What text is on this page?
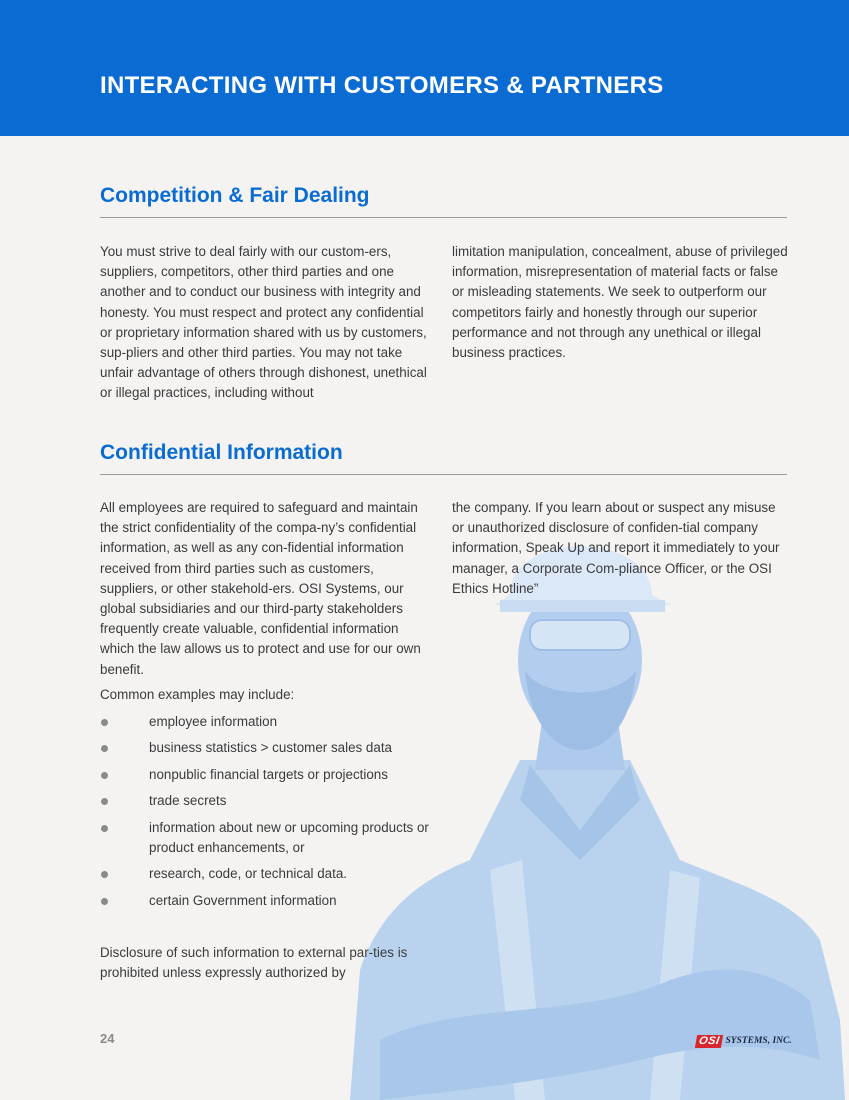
INTERACTING WITH CUSTOMERS & PARTNERS
Competition & Fair Dealing

You must strive to deal fairly with our custom-ers, suppliers, competitors, other third parties and one another and to conduct our business with integrity and honesty. You must respect and protect any confidential or proprietary information shared with us by customers, sup-pliers and other third parties. You may not take unfair advantage of others through dishonest, unethical or illegal practices, including without

limitation manipulation, concealment, abuse of privileged information, misrepresentation of material facts or false or misleading statements. We seek to outperform our competitors fairly and honestly through our superior performance and not through any unethical or illegal business practices.

Confidential Information

All employees are required to safeguard and maintain the strict confidentiality of the compa-ny’s confidential information, as well as any con-fidential information received from third parties such as customers, suppliers, or other stakehold-ers. OSI Systems, our global subsidiaries and our third-party stakeholders frequently create valuable, confidential information which the law allows us to protect and use for our own benefit.

Common examples may include:

employee information
business statistics > customer sales data
nonpublic financial targets or projections
trade secrets
information about new or upcoming products or product enhancements, or
research, code, or technical data.
certain Government information

Disclosure of such information to external par-ties is prohibited unless expressly authorized by

the company. If you learn about or suspect any misuse or unauthorized disclosure of confiden-tial company information, Speak Up and report it immediately to your manager, a Corporate Com-pliance Officer, or the OSI Ethics Hotline”

24	OSI SYSTEMS, INC.
